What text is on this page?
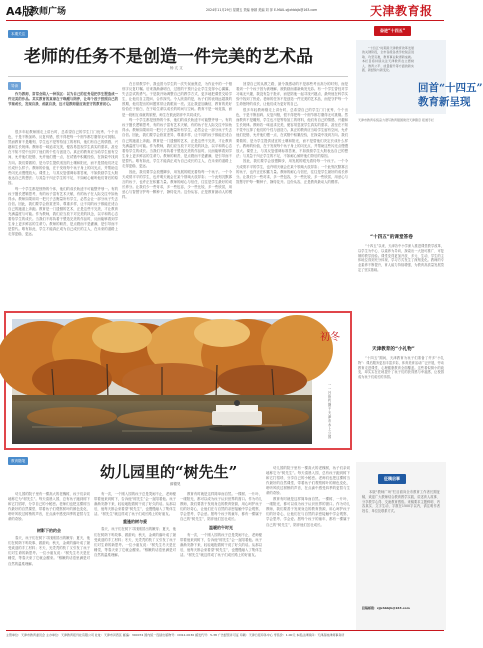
A4版
教师广场	2024年11月29日 星期五 责编 徐颖 美编 刘 萍 E-MAIL:zjjxhbbjb@163.com	天津教育报
本期关注
老师的任务不是创造一件完美的艺术品
杨 亢 文
导读

作为教师，常常会陷入一种误区：以为自己的任务是把学生塑造成一件完美的作品。其实教育的真谛在于唤醒与陪伴，让每个孩子按照自己的节奏成长，发现自我、成就自我，这才是教师最应该坚守的教育初心。

很多年轻教师刚走上讲台时，总希望自己的学生门门优秀、个个出色，于是不断加码、反复纠错，恨不得把每一个细节都打磨得无可挑剔。然而教育不是雕刻，学生也不是等待加工的材料，他们有自己的情感、兴趣和生长规律。教师若一味追求完美，便容易忽视学生真实的需求，甚至在不知不觉中压抑了他们的个性与创造力。真正的教育应当给学生留有空间，允许他们犯错、允许他们慢一点，在试错中积累经验，在探索中找到方向。我们要做的，是为学生提供适宜的土壤和阳光，而不是替他们决定长成什么样子。教师的价值，在于发现每个孩子身上的闪光点，并帮助这些闪光点慢慢放大。课堂上，与其反复强调标准答案，不如鼓励学生大胆表达自己的想法；与其急于纠正学生的不足，不如耐心倾听他们背后的原因。

每一个学生都是独特的个体，他们的成长轨迹不可能整齐划一。有的孩子擅长逻辑思考，有的孩子富有艺术天赋，有的孩子在人际交往中如鱼得水。教师如果用同一把尺子去衡量所有学生，必然会让一部分孩子失去自信。因此，我们要学会欣赏差异，尊重多样，让不同的孩子都能在适合自己的跑道上奔跑。教育是一门遗憾的艺术，正是这些不完美，才让教育充满温度与可能。作为教师，我们应当放下对完美的执念，以平和的心态看待学生的成长。当我们不再执着于塑造完美的作品时，反而能够看到学生身上更多鲜活的生命力。教师的职责，是点燃而不是灌满，是引导而不是替代。唯有如此，学生才能真正成为自己成长的主人，在未来的道路上走得更稳、更远。

在日常教学中，我也曾为学生的一次失误而焦虑，为作业中的一个错别字反复叮嘱。后来我渐渐明白，过度的干预只会让学生变得小心翼翼，失去尝试的勇气。于是我开始调整自己的教学方式，更多地把课堂交给学生，让他们自主提问、合作探究。令人欣喜的是，孩子们的表现远超我的预期，他们提出的问题常常让我眼前一亮。这让我更加确信，教育的美好恰恰在于留白，在于给生命以成长的时间与空间。教育不是一场竞赛，而是一段相互成就的旅程，师生在彼此陪伴中共同成长。

每一个学生都是独特的个体，他们的成长轨迹不可能整齐划一。有的孩子擅长逻辑思考，有的孩子富有艺术天赋，有的孩子在人际交往中如鱼得水。教师如果用同一把尺子去衡量所有学生，必然会让一部分孩子失去自信。因此，我们要学会欣赏差异，尊重多样，让不同的孩子都能在适合自己的跑道上奔跑。教育是一门遗憾的艺术，正是这些不完美，才让教育充满温度与可能。作为教师，我们应当放下对完美的执念，以平和的心态看待学生的成长。当我们不再执着于塑造完美的作品时，反而能够看到学生身上更多鲜活的生命力。教师的职责，是点燃而不是灌满，是引导而不是替代。唯有如此，学生才能真正成为自己成长的主人，在未来的道路上走得更稳、更远。

因此，我们要学会放慢脚步，用发展的眼光看待每一个孩子。一个今天成绩平平的学生，也许明天就会在某个领域大放异彩；一个此刻沉默寡言的孩子，也许正在积蓄力量。教师的耐心与信任，往往是学生最好的成长养分。让我们少一些苛求，多一些包容，少一些比较，多一些欣赏，用爱心与智慧守护每一颗种子，静待花开。这份从容，正是教育最动人的模样。

回望自己的从教之路，最令我感动的不是那些考出高分的时刻，而是看到一个个孩子因为被理解、被鼓励而重新焕发光彩。有一个学生曾经对学习毫无兴趣，我没有急于批评，而是陪他一起寻找兴趣点，最终他在科学实验中找到了热爱。老师的任务不是创造一件完美的艺术品，而是守护每一个生命独特的成长，让他们成为更好的自己。

很多年轻教师刚走上讲台时，总希望自己的学生门门优秀、个个出色，于是不断加码、反复纠错，恨不得把每一个细节都打磨得无可挑剔。然而教育不是雕刻，学生也不是等待加工的材料，他们有自己的情感、兴趣和生长规律。教师若一味追求完美，便容易忽视学生真实的需求，甚至在不知不觉中压抑了他们的个性与创造力。真正的教育应当给学生留有空间，允许他们犯错、允许他们慢一点，在试错中积累经验，在探索中找到方向。我们要做的，是为学生提供适宜的土壤和阳光，而不是替他们决定长成什么样子。教师的价值，在于发现每个孩子身上的闪光点，并帮助这些闪光点慢慢放大。课堂上，与其反复强调标准答案，不如鼓励学生大胆表达自己的想法；与其急于纠正学生的不足，不如耐心倾听他们背后的原因。

因此，我们要学会放慢脚步，用发展的眼光看待每一个孩子。一个今天成绩平平的学生，也许明天就会在某个领域大放异彩；一个此刻沉默寡言的孩子，也许正在积蓄力量。教师的耐心与信任，往往是学生最好的成长养分。让我们少一些苛求，多一些包容，少一些比较，多一些欣赏，用爱心与智慧守护每一颗种子，静待花开。这份从容，正是教育最动人的模样。

初冬
一一 吕欣竹 摄于天津市水上公园
教育随笔
幼儿园里的“树先生”
薛德昊

幼儿园的院子里有一棵高大的老槐树，孩子们亲切地称它为“树先生”。每天清晨入园，总有孩子跑到树下和它打招呼，分享自己的小秘密。老师们也把这棵树当作最好的自然课堂，带着孩子们观察树叶的颜色变化、聆听风吹过树梢的声音，在点滴中感受四季的更替与生命的奇妙。

树影下的约会

春天，孩子们在树下寻找刚冒出的嫩芽；夏天，他们在树荫下听故事、做游戏；秋天，金黄的落叶成了最受欢迎的手工材料；冬天，光秃秃的枝丫又引发了孩子们对生命的新思考。一位小朋友说：“树先生冬天是在睡觉，等春天来了它就会醒来。”稚嫩的话语里满是对自然的温柔理解。

有一次，一个刚入园的孩子总是哭闹不止，老师便带着他来到树下，告诉他“树先生”会一直陪着他。孩子渐渐安静下来，轻轻地抱着树干说了好久的话。从那以后，他每天都会来看望“树先生”，也慢慢融入了集体生活。“树先生”就这样成了孩子们成长路上的好朋友。

重逢的树与爱

春天，孩子们在树下寻找刚冒出的嫩芽；夏天，他们在树荫下听故事、做游戏；秋天，金黄的落叶成了最受欢迎的手工材料；冬天，光秃秃的枝丫又引发了孩子们对生命的新思考。一位小朋友说：“树先生冬天是在睡觉，等春天来了它就会醒来。”稚嫩的话语里满是对自然的温柔理解。

教育有时就是这样简单而自然。一棵树、一片叶、一缕阳光，都可以成为孩子认识世界的窗口。作为幼儿教师，我们要善于发现身边的教育资源，用心呵护孩子们的好奇心，让他们在与自然的亲密接触中学会观察、学会思考、学会爱。愿每个孩子的童年，都有一棵属于自己的“树先生”，陪伴他们茁壮成长。

温暖的午时光

有一次，一个刚入园的孩子总是哭闹不止，老师便带着他来到树下，告诉他“树先生”会一直陪着他。孩子渐渐安静下来，轻轻地抱着树干说了好久的话。从那以后，他每天都会来看望“树先生”，也慢慢融入了集体生活。“树先生”就这样成了孩子们成长路上的好朋友。

幼儿园的院子里有一棵高大的老槐树，孩子们亲切地称它为“树先生”。每天清晨入园，总有孩子跑到树下和它打招呼，分享自己的小秘密。老师们也把这棵树当作最好的自然课堂，带着孩子们观察树叶的颜色变化、聆听风吹过树梢的声音，在点滴中感受四季的更替与生命的奇妙。

教育有时就是这样简单而自然。一棵树、一片叶、一缕阳光，都可以成为孩子认识世界的窗口。作为幼儿教师，我们要善于发现身边的教育资源，用心呵护孩子们的好奇心，让他们在与自然的亲密接触中学会观察、学会思考、学会爱。愿每个孩子的童年，都有一棵属于自己的“树先生”，陪伴他们茁壮成长。

奋进“十四五”

“十四五”时期是天津教育改革发展的关键阶段，全市各级各类学校锐意进取、攻坚克难，教育事业取得新成就。本栏目将持续关注天津教育在立德树人、教育公平、质量提升等方面的新实践、新经验与新变化。

回首“十四五”
教育新呈现
天津市教育系统奋力谱写教育强国建设天津篇章 报道专栏
“十四五”的课堂答卷

“十四五”以来，天津各中小学深入推进课堂教学改革，以学生为中心、以素养为导向，探索出一大批可推广、可复制的教学经验。课堂变得更加开放、多元、生动，学生的主体地位得到充分体现，学习方式发生了深刻变化。教师的专业素养不断提升，育人能力持续增强，为教育高质量发展奠定了坚实基础。

天津教育的“小礼物”

“十四五”期间，天津教育为孩子们准备了许多“小礼物”：课后服务更加丰富多彩，体育美育活动广泛开展，劳动教育走进课堂，心理健康教育全面覆盖。这些看似微小的改变，却实实在在地提升了孩子们的获得感与幸福感，让校园成为孩子们成长的乐园。

征稿启事

本版“教师广场”栏目面向全市教育工作者长期征稿，欢迎广大教师结合教育教学实践，讲述育人故事、分享教学心得、交流教育感悟。来稿要求主题鲜明、内容真实、文字生动，字数在1500字以内，请注明作者姓名、单位及联系方式。

投稿邮箱：zjjxhbbjb@163.com
主管单位：天津市教育委员会 主办单位：天津教育报刊社有限公司 社址：天津市河西区 邮编：300074 国内统一连续出版物号：CN12-0030 邮发代号：5-38 广告经营许可证 印刷：天津日报印务中心 零售价：1.00元 本报法律顾问：天津高地律师事务所
